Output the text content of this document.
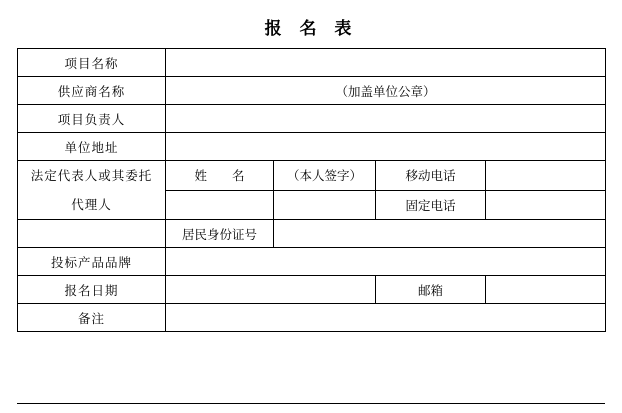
报 名 表
项目名称				
供应商名称	（加盖单位公章）			
项目负责人				
单位地址				

法定代表人或其委托
代理人	姓　　名	（本人签字）	移动电话	
			固定电话	
	居民身份证号			
投标产品品牌				
报名日期			邮箱	
备注				
